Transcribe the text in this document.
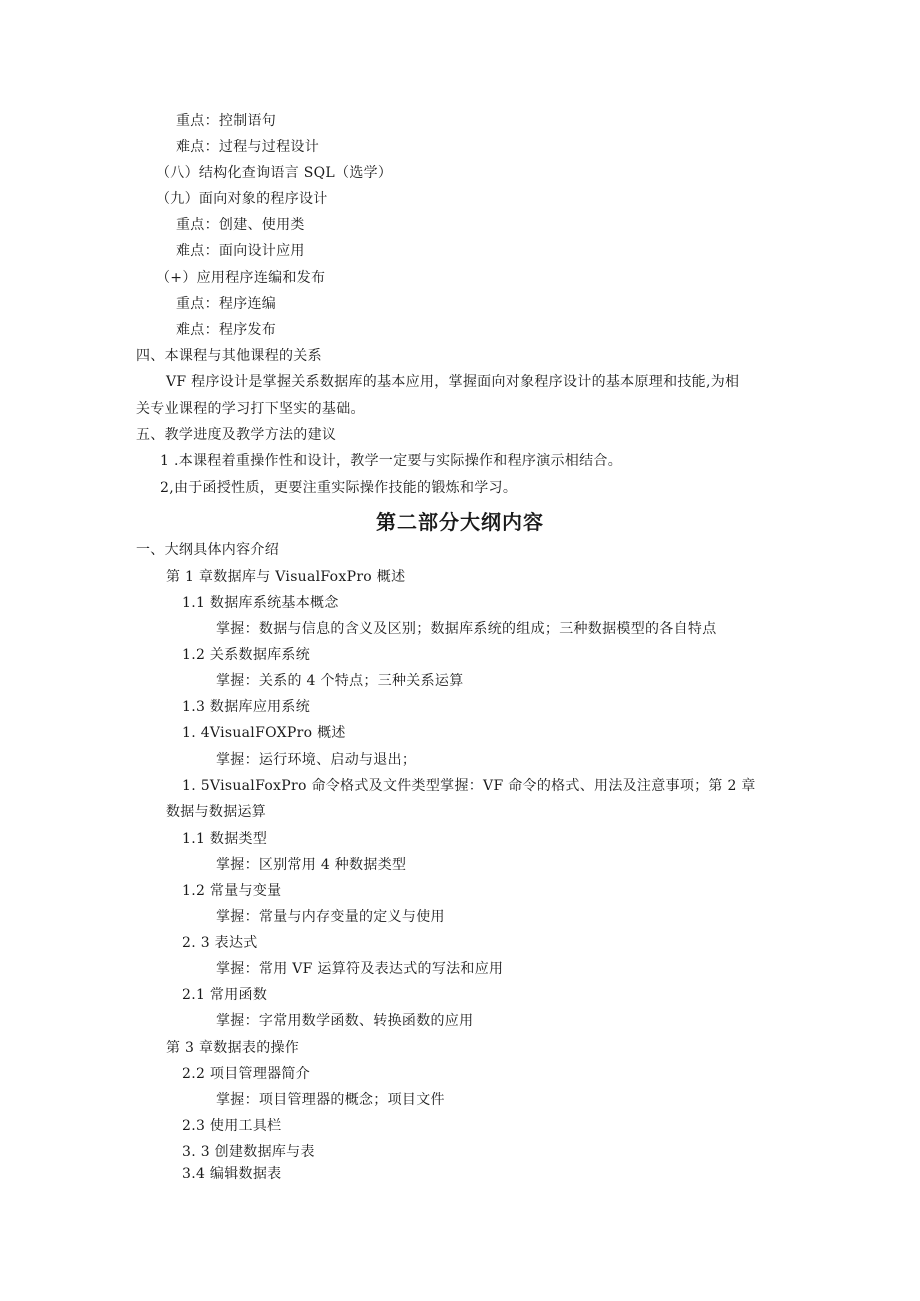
重点：控制语句
难点：过程与过程设计
（八）结构化查询语言 SQL（选学）
（九）面向对象的程序设计
重点：创建、使用类
难点：面向设计应用
（+）应用程序连编和发布
重点：程序连编
难点：程序发布
四、本课程与其他课程的关系
VF 程序设计是掌握关系数据库的基本应用，掌握面向对象程序设计的基本原理和技能,为相
关专业课程的学习打下坚实的基础。
五、教学进度及教学方法的建议
1 .本课程着重操作性和设计，教学一定要与实际操作和程序演示相结合。
2,由于函授性质，更要注重实际操作技能的锻炼和学习。
第二部分大纲内容
一、大纲具体内容介绍
第 1 章数据库与 VisualFoxPro 概述
1.1 数据库系统基本概念
掌握：数据与信息的含义及区别；数据库系统的组成；三种数据模型的各自特点
1.2 关系数据库系统
掌握：关系的 4 个特点；三种关系运算
1.3 数据库应用系统
1. 4VisualFOXPro 概述
掌握：运行环境、启动与退出；
1. 5VisualFoxPro 命令格式及文件类型掌握：VF 命令的格式、用法及注意事项；第 2 章
数据与数据运算
1.1 数据类型
掌握：区别常用 4 种数据类型
1.2 常量与变量
掌握：常量与内存变量的定义与使用
2. 3 表达式
掌握：常用 VF 运算符及表达式的写法和应用
2.1 常用函数
掌握：字常用数学函数、转换函数的应用
第 3 章数据表的操作
2.2 项目管理器简介
掌握：项目管理器的概念；项目文件
2.3 使用工具栏
3. 3 创建数据库与表
3.4 编辑数据表
